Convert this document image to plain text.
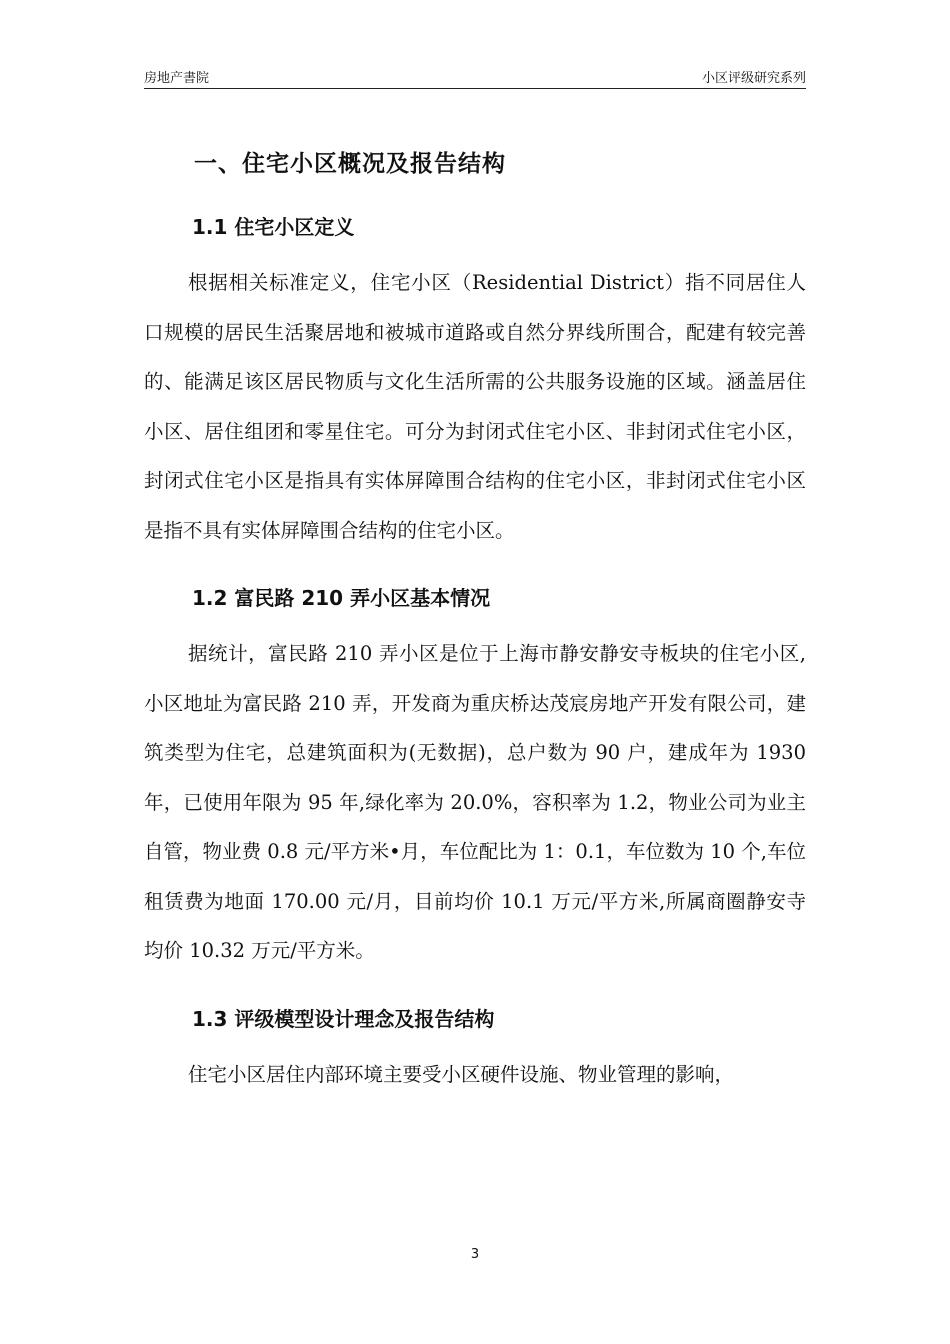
房地产書院	小区评级研究系列
一、住宅小区概况及报告结构
1.1 住宅小区定义

根据相关标准定义，住宅小区（Residential District）指不同居住人口规模的居民生活聚居地和被城市道路或自然分界线所围合，配建有较完善的、能满足该区居民物质与文化生活所需的公共服务设施的区域。涵盖居住小区、居住组团和零星住宅。可分为封闭式住宅小区、非封闭式住宅小区，封闭式住宅小区是指具有实体屏障围合结构的住宅小区，非封闭式住宅小区是指不具有实体屏障围合结构的住宅小区。

1.2 富民路 210 弄小区基本情况

据统计，富民路 210 弄小区是位于上海市静安静安寺板块的住宅小区,小区地址为富民路 210 弄，开发商为重庆桥达茂宸房地产开发有限公司，建筑类型为住宅，总建筑面积为(无数据)，总户数为 90 户，建成年为 1930 年，已使用年限为 95 年,绿化率为 20.0%，容积率为 1.2，物业公司为业主自管，物业费 0.8 元/平方米•月，车位配比为 1：0.1，车位数为 10 个,车位租赁费为地面 170.00 元/月，目前均价 10.1 万元/平方米,所属商圈静安寺均价 10.32 万元/平方米。

1.3 评级模型设计理念及报告结构

住宅小区居住内部环境主要受小区硬件设施、物业管理的影响，

3
